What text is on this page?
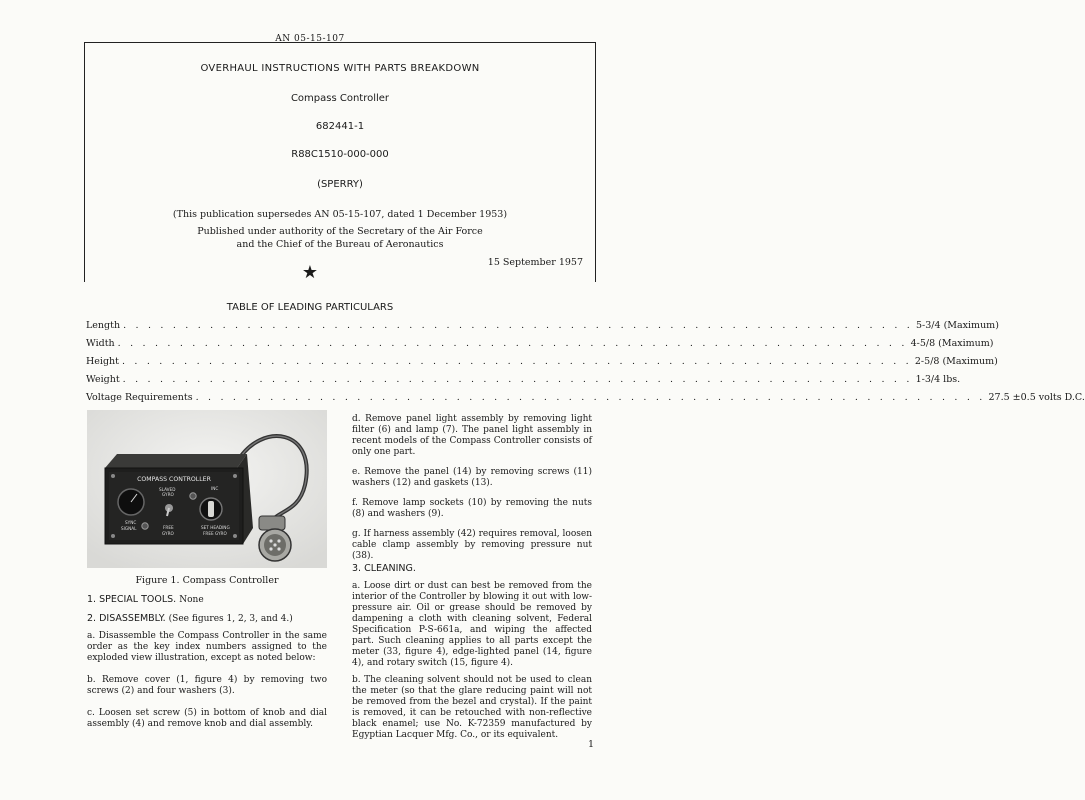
AN 05-15-107
OVERHAUL INSTRUCTIONS WITH PARTS BREAKDOWN
Compass Controller
682441-1
R88C1510-000-000
(SPERRY)
(This publication supersedes AN 05-15-107, dated 1 December 1953)
Published under authority of the Secretary of the Air Force
and the Chief of the Bureau of Aeronautics
15 September 1957
★
TABLE OF LEADING PARTICULARS
Length . . . . . . . . . . . . . . . . . . . . . . . . . . . . . . . . . . . . . . . . . . . . . . . . . . . . . . . . . . . . . . . . 5-3/4 (Maximum)
Width . . . . . . . . . . . . . . . . . . . . . . . . . . . . . . . . . . . . . . . . . . . . . . . . . . . . . . . . . . . . . . . . 4-5/8 (Maximum)
Height . . . . . . . . . . . . . . . . . . . . . . . . . . . . . . . . . . . . . . . . . . . . . . . . . . . . . . . . . . . . . . . . 2-5/8 (Maximum)
Weight . . . . . . . . . . . . . . . . . . . . . . . . . . . . . . . . . . . . . . . . . . . . . . . . . . . . . . . . . . . . . . . . 1-3/4 lbs.
Voltage Requirements . . . . . . . . . . . . . . . . . . . . . . . . . . . . . . . . . . . . . . . . . . . . . . . . . . . . . . . . . . . . . . . . 27.5 ±0.5 volts D.C.
COMPASS CONTROLLER
SYNC
SIGNAL
SLAVED
GYRO
FREE
GYRO
INC
SET HEADING
FREE GYRO
Figure 1. Compass Controller
1. SPECIAL TOOLS. None
2. DISASSEMBLY. (See figures 1, 2, 3, and 4.)
a. Disassemble the Compass Controller in the same order as the key index numbers assigned to the exploded view illustration, except as noted below:
b. Remove cover (1, figure 4) by removing two screws (2) and four washers (3).
c. Loosen set screw (5) in bottom of knob and dial assembly (4) and remove knob and dial assembly.
d. Remove panel light assembly by removing light filter (6) and lamp (7). The panel light assembly in recent models of the Compass Controller consists of only one part.
e. Remove the panel (14) by removing screws (11) washers (12) and gaskets (13).
f. Remove lamp sockets (10) by removing the nuts (8) and washers (9).
g. If harness assembly (42) requires removal, loosen cable clamp assembly by removing pressure nut (38).
3. CLEANING.
a. Loose dirt or dust can best be removed from the interior of the Controller by blowing it out with low-pressure air. Oil or grease should be removed by dampening a cloth with cleaning solvent, Federal Specification P-S-661a, and wiping the affected part. Such cleaning applies to all parts except the meter (33, figure 4), edge-lighted panel (14, figure 4), and rotary switch (15, figure 4).
b. The cleaning solvent should not be used to clean the meter (so that the glare reducing paint will not be removed from the bezel and crystal). If the paint is removed, it can be retouched with non-reflective black enamel; use No. K-72359 manufactured by Egyptian Lacquer Mfg. Co., or its equivalent.
1
